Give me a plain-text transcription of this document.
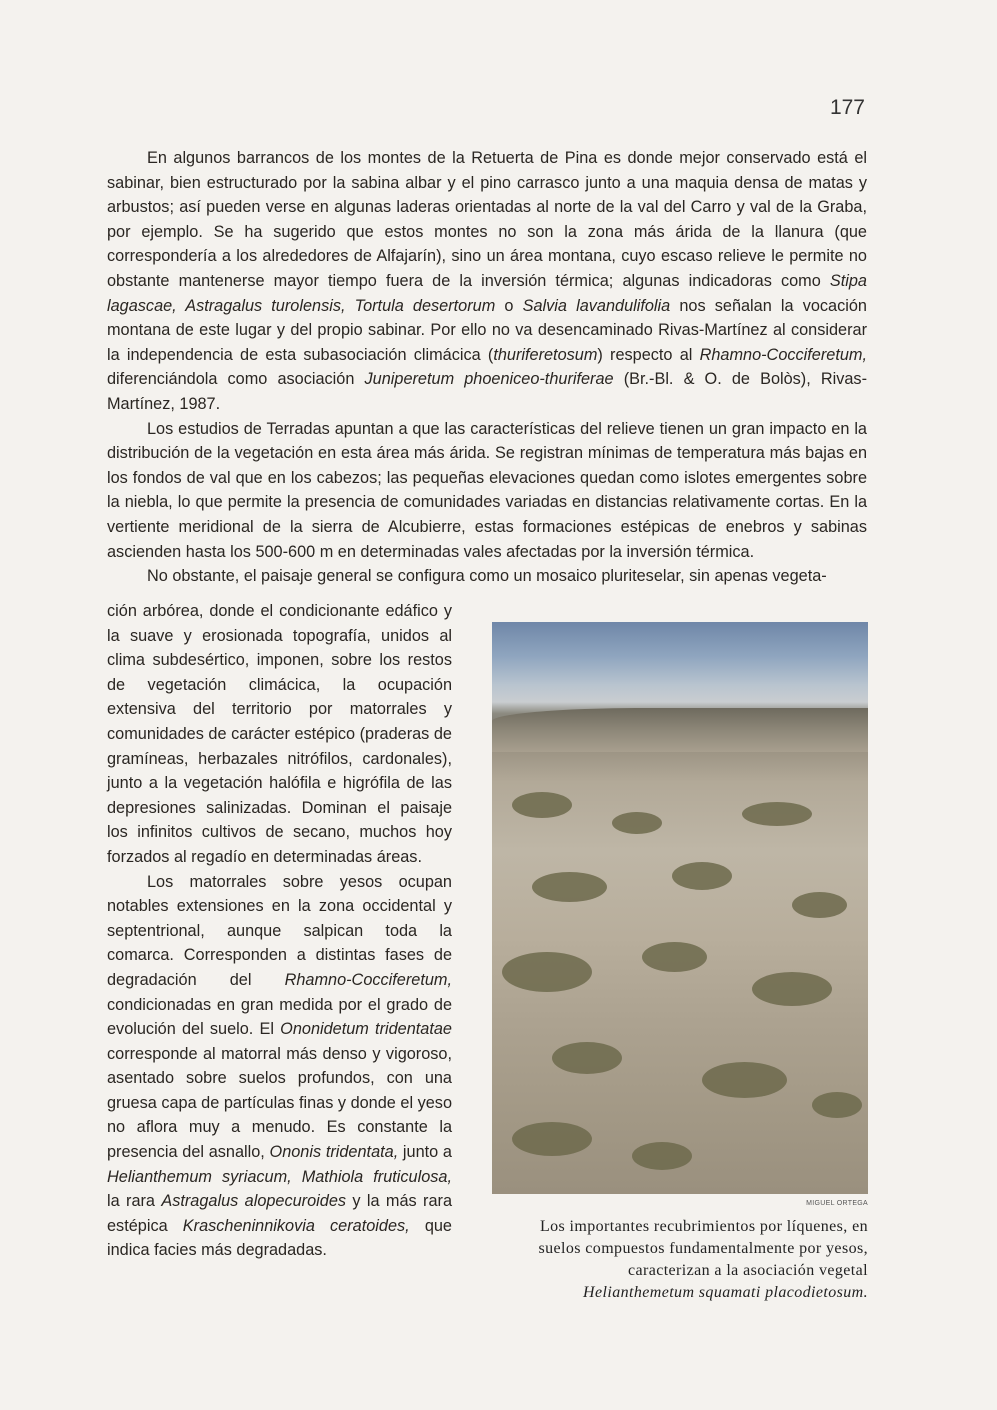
177

En algunos barrancos de los montes de la Retuerta de Pina es donde mejor conservado está el sabinar, bien estructurado por la sabina albar y el pino carrasco junto a una maquia densa de matas y arbustos; así pueden verse en algunas laderas orientadas al norte de la val del Carro y val de la Graba, por ejemplo. Se ha sugerido que estos montes no son la zona más árida de la llanura (que correspondería a los alrededores de Alfajarín), sino un área montana, cuyo escaso relieve le permite no obstante mantenerse mayor tiempo fuera de la inversión térmica; algunas indicadoras como Stipa lagascae, Astragalus turolensis, Tortula desertorum o Salvia lavandulifolia nos señalan la vocación montana de este lugar y del propio sabinar. Por ello no va desencaminado Rivas-Martínez al considerar la independencia de esta subasociación climácica (thuriferetosum) respecto al Rhamno-Cocciferetum, diferenciándola como asociación Juniperetum phoeniceo-thuriferae (Br.-Bl. & O. de Bolòs), Rivas-Martínez, 1987.

Los estudios de Terradas apuntan a que las características del relieve tienen un gran impacto en la distribución de la vegetación en esta área más árida. Se registran mínimas de temperatura más bajas en los fondos de val que en los cabezos; las pequeñas elevaciones quedan como islotes emergentes sobre la niebla, lo que permite la presencia de comunidades variadas en distancias relativamente cortas. En la vertiente meridional de la sierra de Alcubierre, estas formaciones estépicas de enebros y sabinas ascienden hasta los 500-600 m en determinadas vales afectadas por la inversión térmica.

No obstante, el paisaje general se configura como un mosaico pluriteselar, sin apenas vegeta-

ción arbórea, donde el condicionante edáfico y la suave y erosionada topografía, unidos al clima subdesértico, imponen, sobre los restos de vegetación climácica, la ocupación extensiva del territorio por matorrales y comunidades de carácter estépico (praderas de gramíneas, herbazales nitrófilos, cardonales), junto a la vegetación halófila e higrófila de las depresiones salinizadas. Dominan el paisaje los infinitos cultivos de secano, muchos hoy forzados al regadío en determinadas áreas.

Los matorrales sobre yesos ocupan notables extensiones en la zona occidental y septentrional, aunque salpican toda la comarca. Corresponden a distintas fases de degradación del Rhamno-Cocciferetum, condicionadas en gran medida por el grado de evolución del suelo. El Ononidetum tridentatae corresponde al matorral más denso y vigoroso, asentado sobre suelos profundos, con una gruesa capa de partículas finas y donde el yeso no aflora muy a menudo. Es constante la presencia del asnallo, Ononis tridentata, junto a Helianthemum syriacum, Mathiola fruticulosa, la rara Astragalus alopecuroides y la más rara estépica Krascheninnikovia ceratoides, que indica facies más degradadas.

MIGUEL ORTEGA
Los importantes recubrimientos por líquenes, en
suelos compuestos fundamentalmente por yesos,
caracterizan a la asociación vegetal
Helianthemetum squamati placodietosum.
